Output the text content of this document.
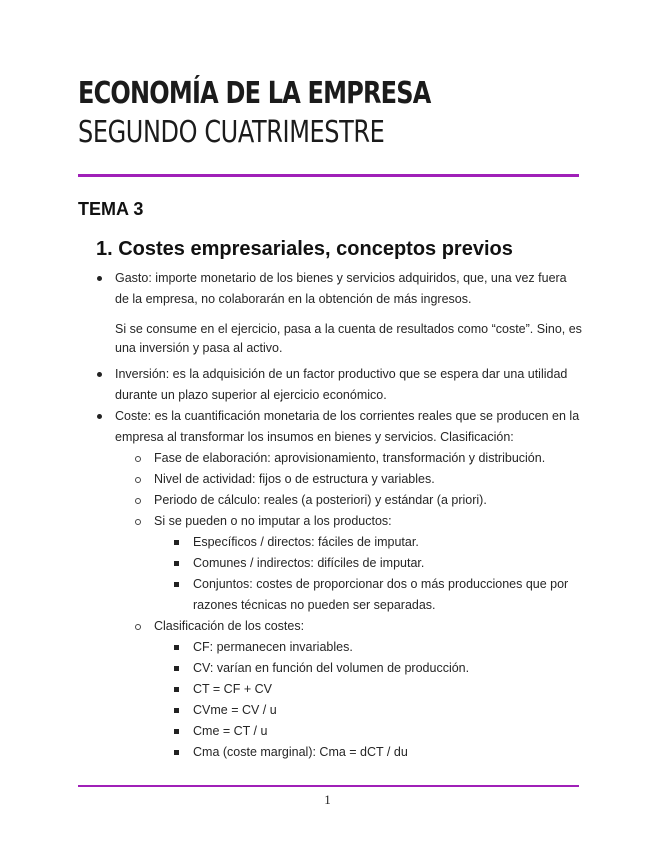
ECONOMÍA DE LA EMPRESA
SEGUNDO CUATRIMESTRE
TEMA 3
1. Costes empresariales, conceptos previos
Gasto: importe monetario de los bienes y servicios adquiridos, que, una vez fuera
de la empresa, no colaborarán en la obtención de más ingresos.
Si se consume en el ejercicio, pasa a la cuenta de resultados como “coste”. Sino, es
una inversión y pasa al activo.
Inversión: es la adquisición de un factor productivo que se espera dar una utilidad
durante un plazo superior al ejercicio económico.
Coste: es la cuantificación monetaria de los corrientes reales que se producen en la
empresa al transformar los insumos en bienes y servicios. Clasificación:
Fase de elaboración: aprovisionamiento, transformación y distribución.
Nivel de actividad: fijos o de estructura y variables.
Periodo de cálculo: reales (a posteriori) y estándar (a priori).
Si se pueden o no imputar a los productos:
Específicos / directos: fáciles de imputar.
Comunes / indirectos: difíciles de imputar.
Conjuntos: costes de proporcionar dos o más producciones que por
razones técnicas no pueden ser separadas.
Clasificación de los costes:
CF: permanecen invariables.
CV: varían en función del volumen de producción.
CT = CF + CV
CVme = CV / u
Cme = CT / u
Cma (coste marginal): Cma = dCT / du
1
